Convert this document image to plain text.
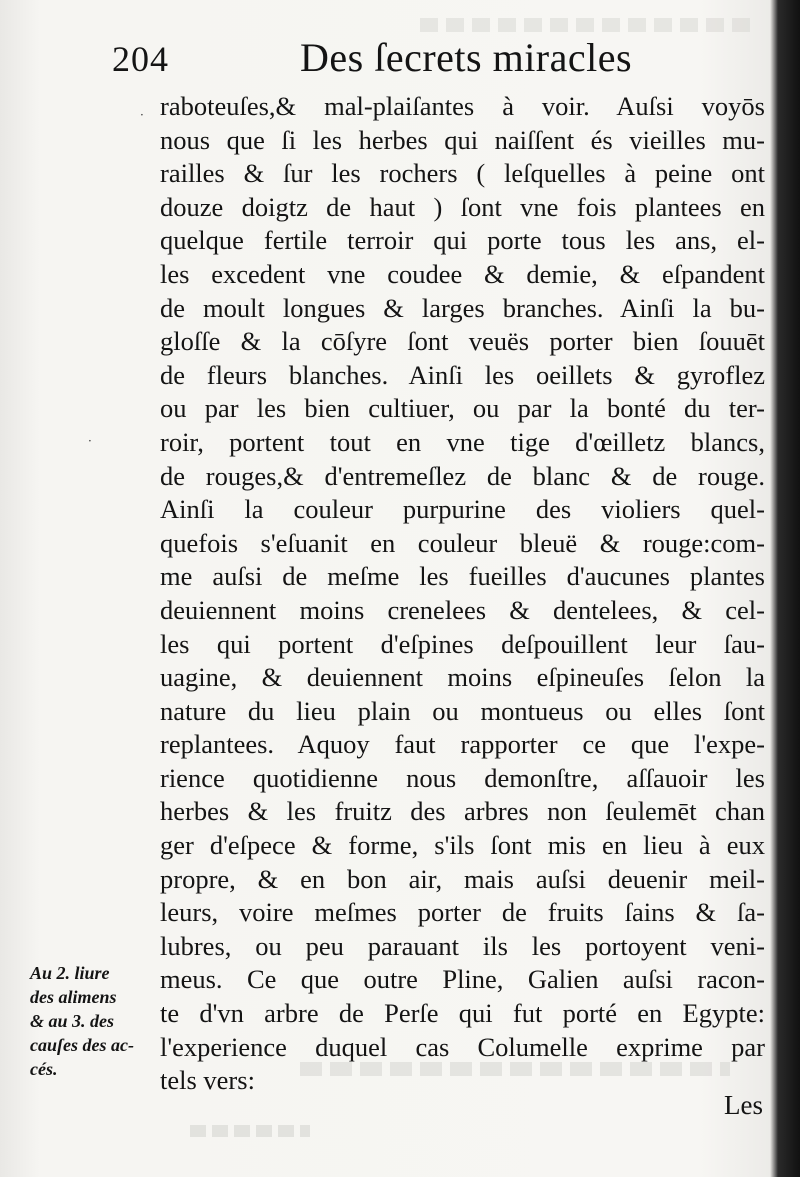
204	Des ſecrets miracles
·
·
raboteuſes,& mal-plaiſantes à voir. Auſsi voyōs
nous que ſi les herbes qui naiſſent és vieilles mu-
railles & ſur les rochers ( leſquelles à peine ont
douze doigtz de haut ) ſont vne fois plantees en
quelque fertile terroir qui porte tous les ans, el-
les excedent vne coudee & demie, & eſpandent
de moult longues & larges branches. Ainſi la bu-
gloſſe & la cōſyre ſont veuës porter bien ſouuēt
de fleurs blanches. Ainſi les oeillets & gyroflez
ou par les bien cultiuer, ou par la bonté du ter-
roir, portent tout en vne tige d'œilletz blancs,
de rouges,& d'entremeſlez de blanc & de rouge.
Ainſi la couleur purpurine des violiers quel-
quefois s'eſuanit en couleur bleuë & rouge:com-
me auſsi de meſme les fueilles d'aucunes plantes
deuiennent moins crenelees & dentelees, & cel-
les qui portent d'eſpines deſpouillent leur ſau-
uagine, & deuiennent moins eſpineuſes ſelon la
nature du lieu plain ou montueus ou elles ſont
replantees. Aquoy faut rapporter ce que l'expe-
rience quotidienne nous demonſtre, aſſauoir les
herbes & les fruitz des arbres non ſeulemēt chan
ger d'eſpece & forme, s'ils ſont mis en lieu à eux
propre, & en bon air, mais auſsi deuenir meil-
leurs, voire meſmes porter de fruits ſains & ſa-
lubres, ou peu parauant ils les portoyent veni-
meus. Ce que outre Pline, Galien auſsi racon-
te d'vn arbre de Perſe qui fut porté en Egypte:
l'experience duquel cas Columelle exprime par
tels vers:
Au 2. liure
des alimens
& au 3. des
cauſes des ac-
cés.
Les
